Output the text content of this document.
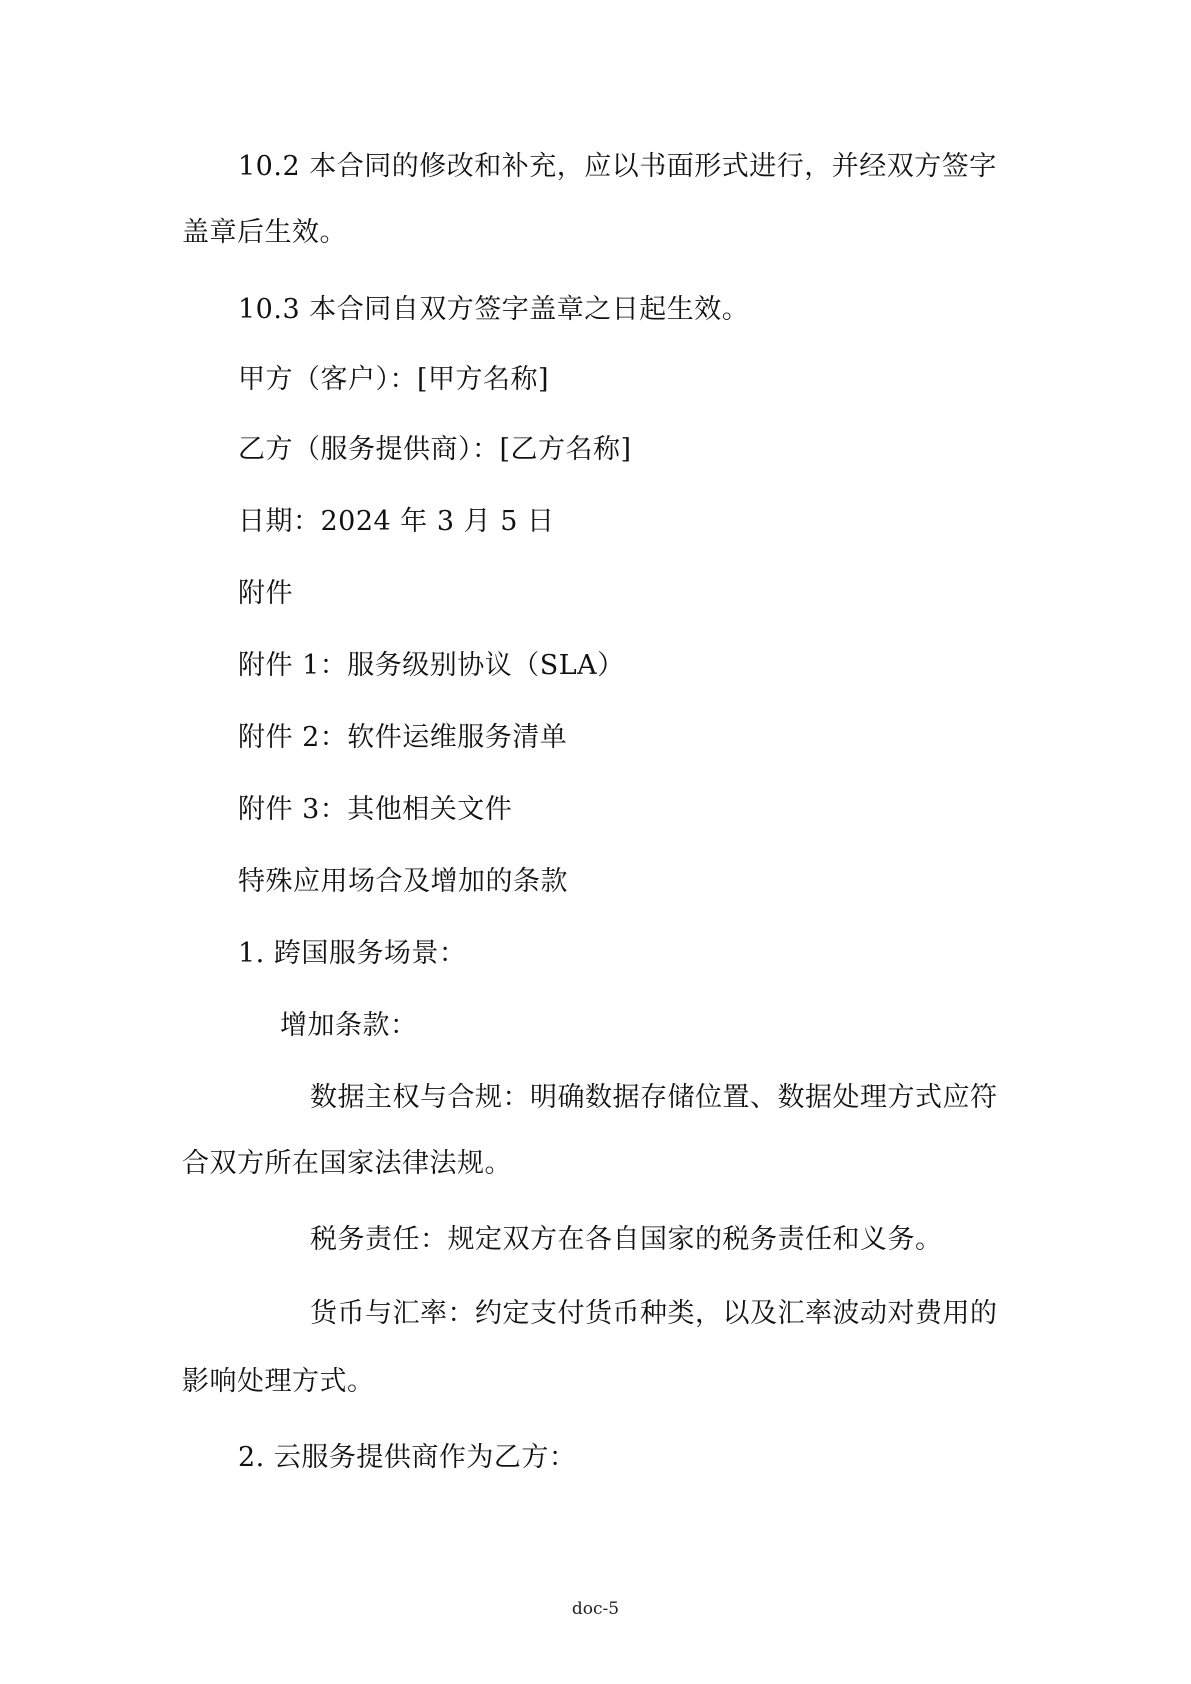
10.2 本合同的修改和补充，应以书面形式进行，并经双方签字
盖章后生效。
10.3 本合同自双方签字盖章之日起生效。
甲方（客户）：[甲方名称]
乙方（服务提供商）：[乙方名称]
日期：2024 年 3 月 5 日
附件
附件 1：服务级别协议（SLA）
附件 2：软件运维服务清单
附件 3：其他相关文件
特殊应用场合及增加的条款
1. 跨国服务场景：
增加条款：
数据主权与合规：明确数据存储位置、数据处理方式应符
合双方所在国家法律法规。
税务责任：规定双方在各自国家的税务责任和义务。
货币与汇率：约定支付货币种类，以及汇率波动对费用的
影响处理方式。
2. 云服务提供商作为乙方：
doc-5
